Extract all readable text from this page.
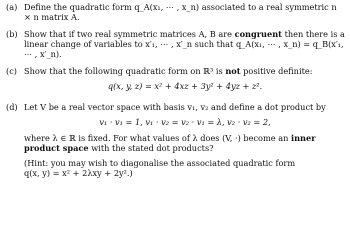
(a) Define the quadratic form q_A(x₁, ⋯ , x_n) associated to a real symmetric n × n matrix A.
(b) Show that if two real symmetric matrices A, B are congruent then there is a linear change of variables to x′₁, ⋯ , x′_n such that q_A(x₁, ⋯ , x_n) = q_B(x′₁, ⋯ , x′_n).
(c) Show that the following quadratic form on ℝ³ is not positive definite:
q(x, y, z) = x² + 4xz + 3y² + 4yz + z².
(d) Let V be a real vector space with basis v₁, v₂ and define a dot product by
v₁ · v₁ = 1, v₁ · v₂ = v₂ · v₁ = λ, v₂ · v₂ = 2,
where λ ∈ ℝ is fixed. For what values of λ does (V, ·) become an inner product space with the stated dot products?
(Hint: you may wish to diagonalise the associated quadratic form
q(x, y) = x² + 2λxy + 2y².)
